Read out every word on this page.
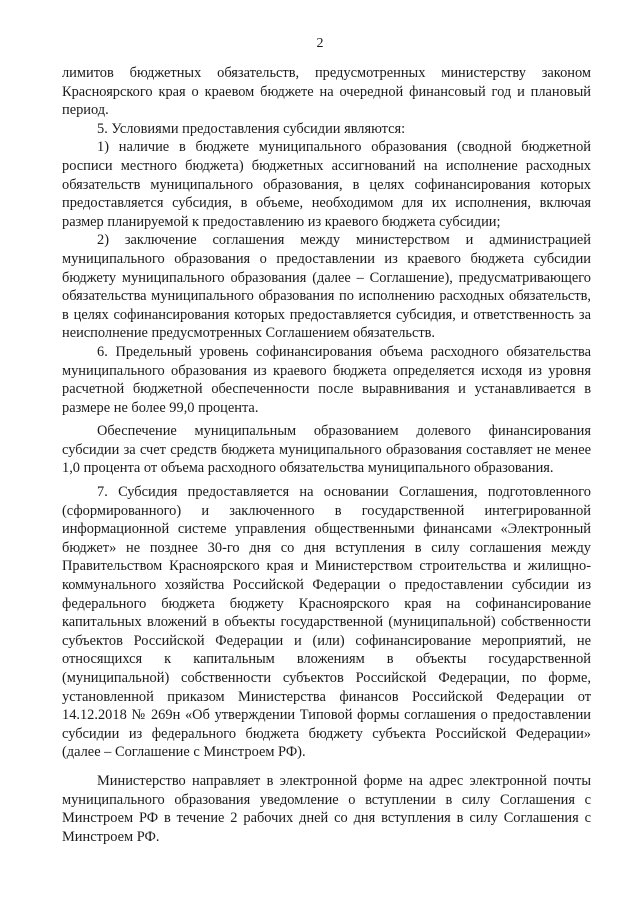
2

лимитов бюджетных обязательств, предусмотренных министерству законом Красноярского края о краевом бюджете на очередной финансовый год и плановый период.

5. Условиями предоставления субсидии являются:

1) наличие в бюджете муниципального образования (сводной бюджетной росписи местного бюджета) бюджетных ассигнований на исполнение расходных обязательств муниципального образования, в целях софинансирования которых предоставляется субсидия, в объеме, необходимом для их исполнения, включая размер планируемой к предоставлению из краевого бюджета субсидии;

2) заключение соглашения между министерством и администрацией муниципального образования о предоставлении из краевого бюджета субсидии бюджету муниципального образования (далее – Соглашение), предусматривающего обязательства муниципального образования по исполнению расходных обязательств, в целях софинансирования которых предоставляется субсидия, и ответственность за неисполнение предусмотренных Соглашением обязательств.

6. Предельный уровень софинансирования объема расходного обязательства муниципального образования из краевого бюджета определяется исходя из уровня расчетной бюджетной обеспеченности после выравнивания и устанавливается в размере не более 99,0 процента.

Обеспечение муниципальным образованием долевого финансирования субсидии за счет средств бюджета муниципального образования составляет не менее 1,0 процента от объема расходного обязательства муниципального образования.

7. Субсидия предоставляется на основании Соглашения, подготовленного (сформированного) и заключенного в государственной интегрированной информационной системе управления общественными финансами «Электронный бюджет» не позднее 30-го дня со дня вступления в силу соглашения между Правительством Красноярского края и Министерством строительства и жилищно-коммунального хозяйства Российской Федерации о предоставлении субсидии из федерального бюджета бюджету Красноярского края на софинансирование капитальных вложений в объекты государственной (муниципальной) собственности субъектов Российской Федерации и (или) софинансирование мероприятий, не относящихся к капитальным вложениям в объекты государственной (муниципальной) собственности субъектов Российской Федерации, по форме, установленной приказом Министерства финансов Российской Федерации от 14.12.2018 № 269н «Об утверждении Типовой формы соглашения о предоставлении субсидии из федерального бюджета бюджету субъекта Российской Федерации» (далее – Соглашение с Минстроем РФ).

Министерство направляет в электронной форме на адрес электронной почты муниципального образования уведомление о вступлении в силу Соглашения с Минстроем РФ в течение 2 рабочих дней со дня вступления в силу Соглашения с Минстроем РФ.
